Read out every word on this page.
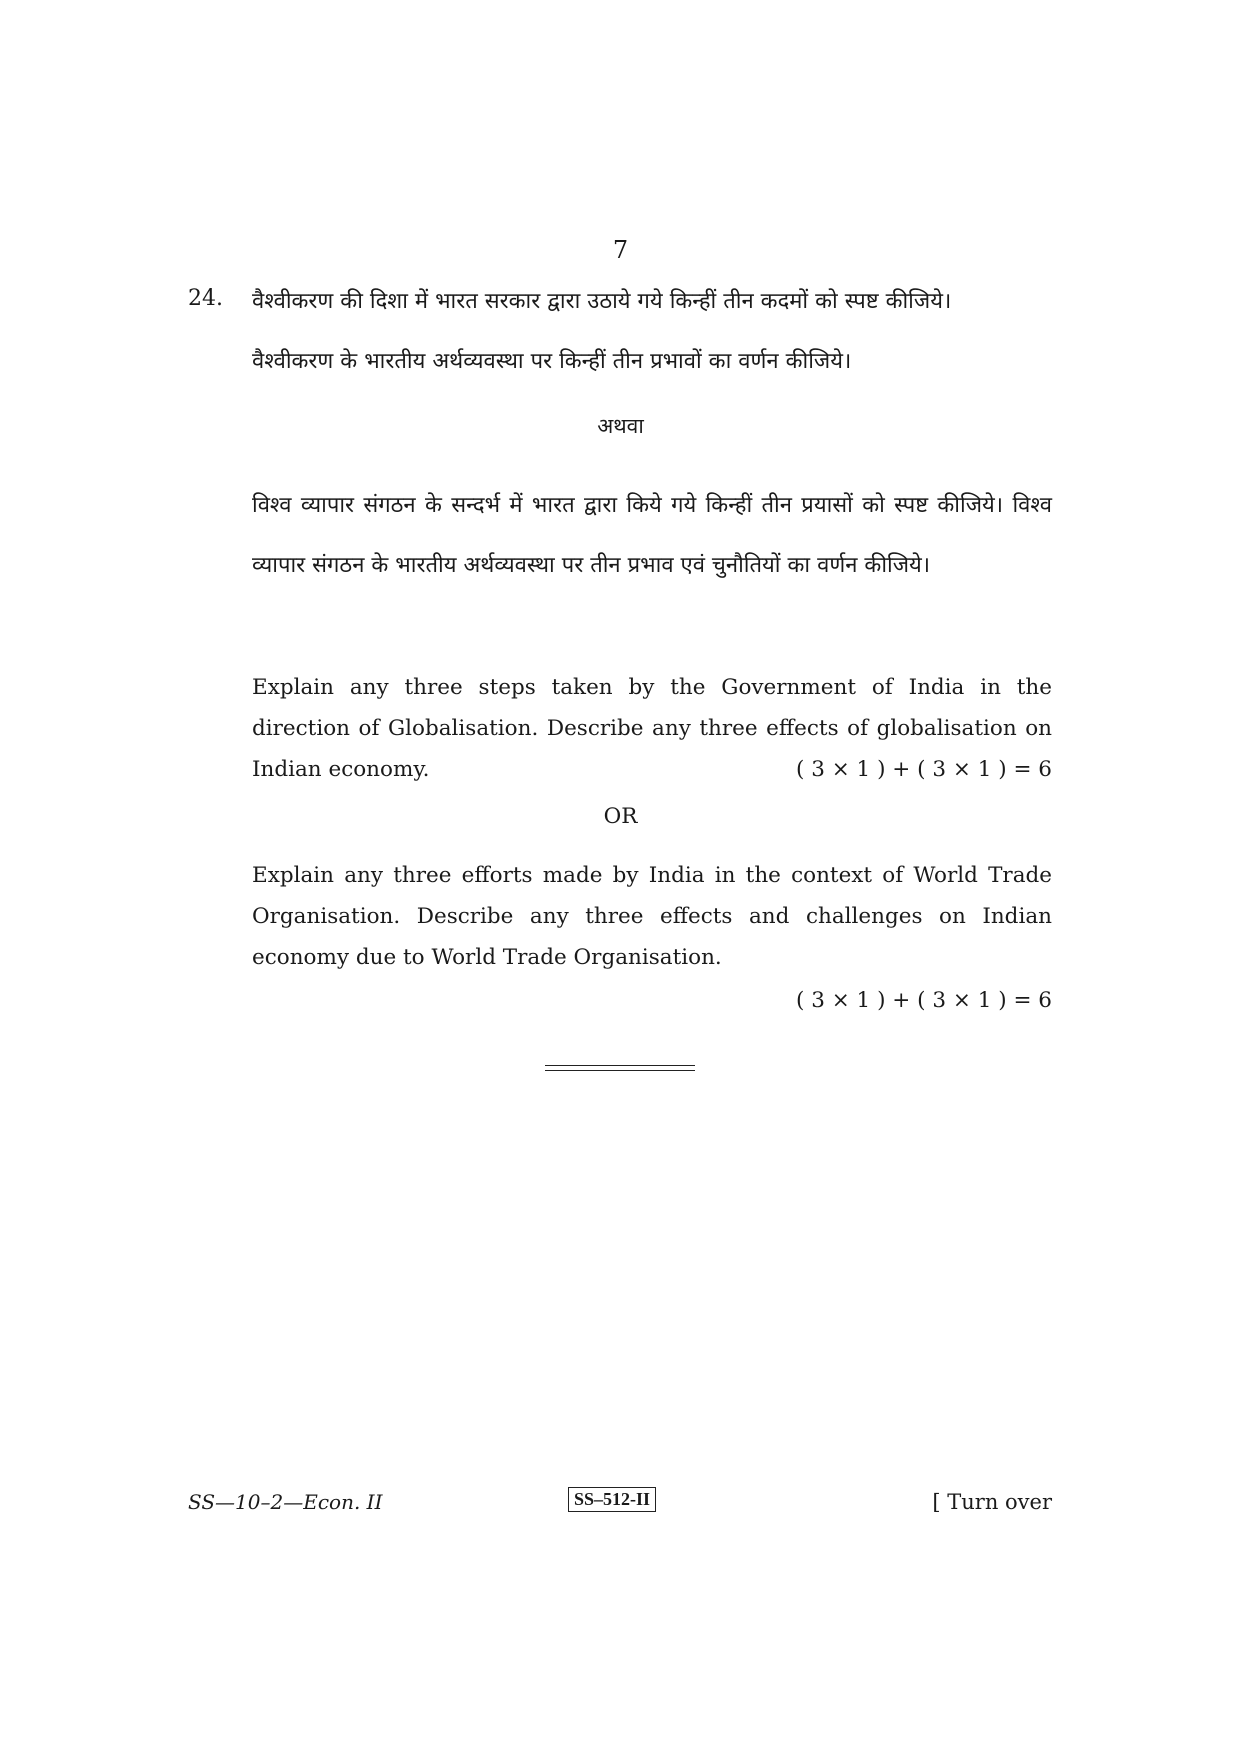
7
24. वैश्वीकरण की दिशा में भारत सरकार द्वारा उठाये गये किन्हीं तीन कदमों को स्पष्ट कीजिये।
वैश्वीकरण के भारतीय अर्थव्यवस्था पर किन्हीं तीन प्रभावों का वर्णन कीजिये।
अथवा
विश्व व्यापार संगठन के सन्दर्भ में भारत द्वारा किये गये किन्हीं तीन प्रयासों को स्पष्ट कीजिये। विश्व व्यापार संगठन के भारतीय अर्थव्यवस्था पर तीन प्रभाव एवं चुनौतियों का वर्णन कीजिये।
Explain any three steps taken by the Government of India in the direction of Globalisation. Describe any three effects of globalisation on Indian economy.	( 3 × 1 ) + ( 3 × 1 ) = 6
OR
Explain any three efforts made by India in the context of World Trade Organisation. Describe any three effects and challenges on Indian economy due to World Trade Organisation.
( 3 × 1 ) + ( 3 × 1 ) = 6
SS—10–2—Econ. II	SS–512-II	[ Turn over
